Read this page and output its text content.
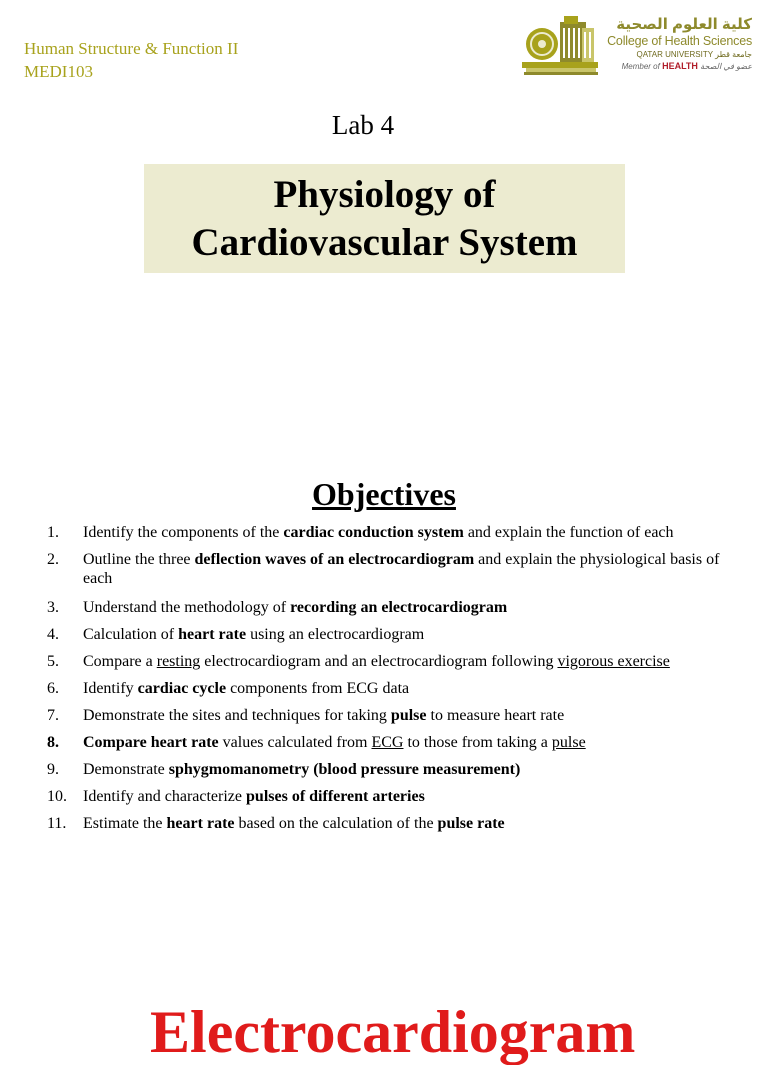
Human Structure & Function II
MEDI103
كلية العلوم الصحية
College of Health Sciences
QATAR UNIVERSITY جامعة قطر
Member of HEALTH عضو في الصحة
Lab 4
Physiology of
Cardiovascular System
Objectives
1.	Identify the components of the cardiac conduction system and explain the function of each
2.	Outline the three deflection waves of an electrocardiogram and explain the physiological basis of each
3.	Understand the methodology of recording an electrocardiogram
4.	Calculation of heart rate using an electrocardiogram
5.	Compare a resting electrocardiogram and an electrocardiogram following vigorous exercise
6.	Identify cardiac cycle components from ECG data
7.	Demonstrate the sites and techniques for taking pulse to measure heart rate
8.	Compare heart rate values calculated from ECG to those from taking a pulse
9.	Demonstrate sphygmomanometry (blood pressure measurement)
10.	Identify and characterize pulses of different arteries
11.	Estimate the heart rate based on the calculation of the pulse rate
Electrocardiogram
